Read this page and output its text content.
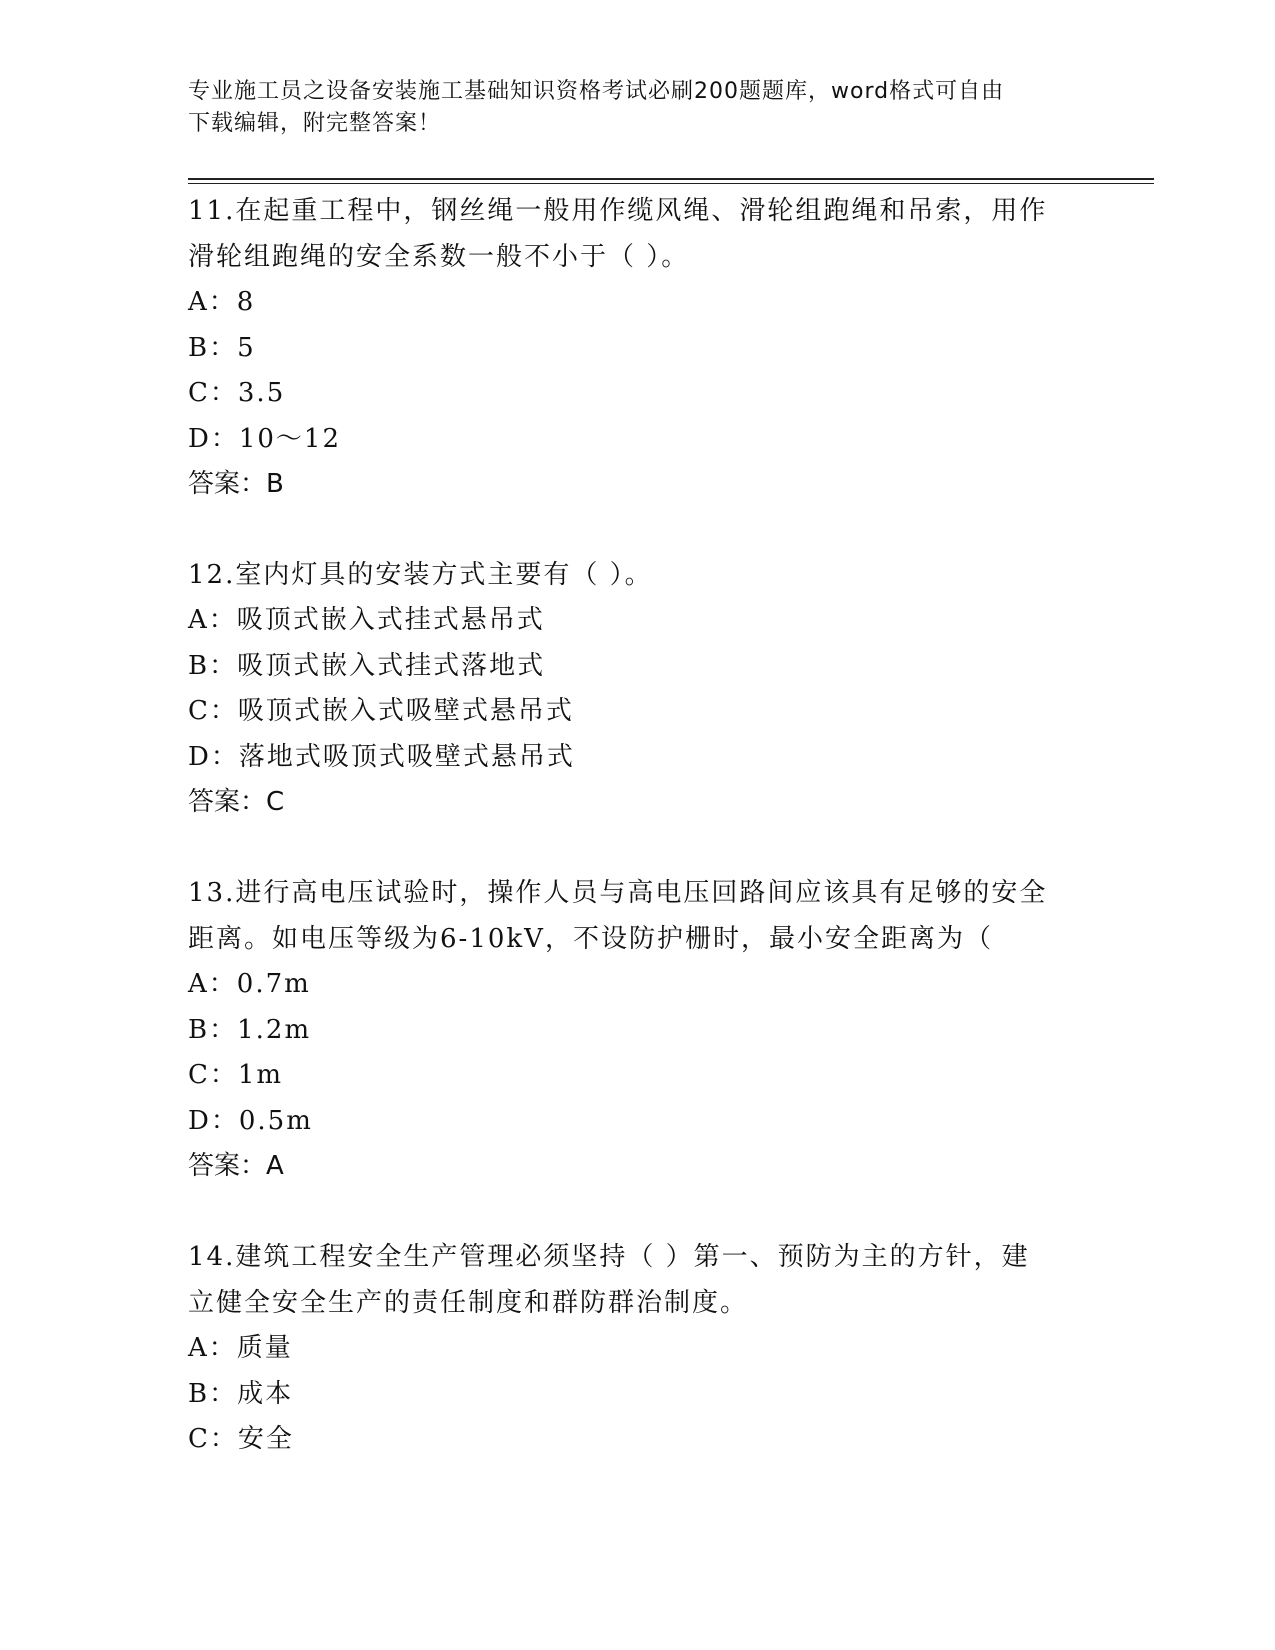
专业施工员之设备安装施工基础知识资格考试必刷200题题库，word格式可自由
下载编辑，附完整答案！
11.在起重工程中，钢丝绳一般用作缆风绳、滑轮组跑绳和吊索，用作
滑轮组跑绳的安全系数一般不小于（ ）。
A：8
B：5
C：3.5
D：10～12
答案：B
12.室内灯具的安装方式主要有（ ）。
A：吸顶式嵌入式挂式悬吊式
B：吸顶式嵌入式挂式落地式
C：吸顶式嵌入式吸壁式悬吊式
D：落地式吸顶式吸壁式悬吊式
答案：C
13.进行高电压试验时，操作人员与高电压回路间应该具有足够的安全
距离。如电压等级为6-10kV，不设防护栅时，最小安全距离为（
A：0.7m
B：1.2m
C：1m
D：0.5m
答案：A
14.建筑工程安全生产管理必须坚持（ ）第一、预防为主的方针，建
立健全安全生产的责任制度和群防群治制度。
A：质量
B：成本
C：安全
